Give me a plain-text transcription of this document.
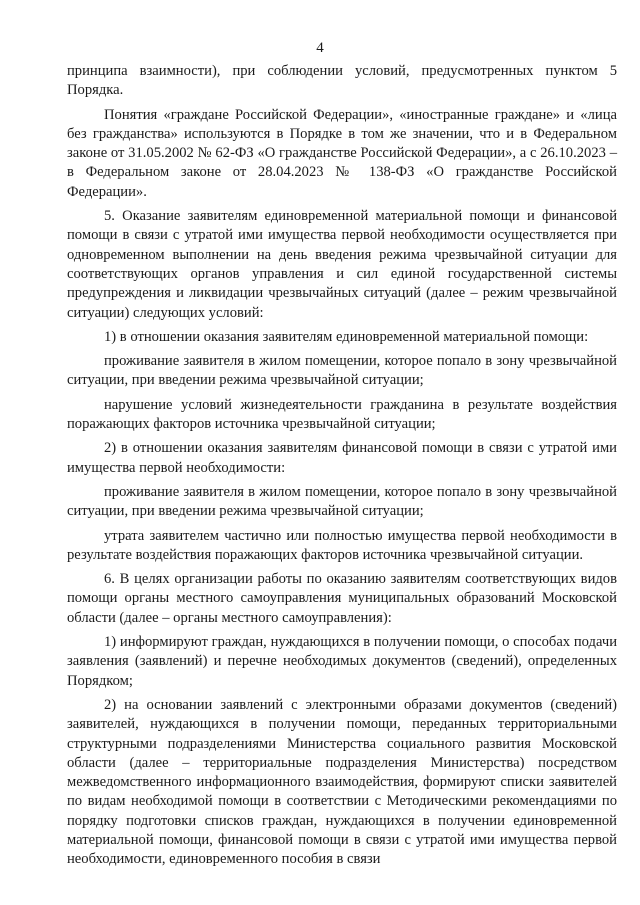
4

принципа взаимности), при соблюдении условий, предусмотренных пунктом 5 Порядка.

Понятия «граждане Российской Федерации», «иностранные граждане» и «лица без гражданства» используются в Порядке в том же значении, что и в Федеральном законе от 31.05.2002 № 62-ФЗ «О гражданстве Российской Федерации», а с 26.10.2023 – в Федеральном законе от 28.04.2023 № 138-ФЗ «О гражданстве Российской Федерации».

5. Оказание заявителям единовременной материальной помощи и финансовой помощи в связи с утратой ими имущества первой необходимости осуществляется при одновременном выполнении на день введения режима чрезвычайной ситуации для соответствующих органов управления и сил единой государственной системы предупреждения и ликвидации чрезвычайных ситуаций (далее – режим чрезвычайной ситуации) следующих условий:

1) в отношении оказания заявителям единовременной материальной помощи:

проживание заявителя в жилом помещении, которое попало в зону чрезвычайной ситуации, при введении режима чрезвычайной ситуации;

нарушение условий жизнедеятельности гражданина в результате воздействия поражающих факторов источника чрезвычайной ситуации;

2) в отношении оказания заявителям финансовой помощи в связи с утратой ими имущества первой необходимости:

проживание заявителя в жилом помещении, которое попало в зону чрезвычайной ситуации, при введении режима чрезвычайной ситуации;

утрата заявителем частично или полностью имущества первой необходимости в результате воздействия поражающих факторов источника чрезвычайной ситуации.

6. В целях организации работы по оказанию заявителям соответствующих видов помощи органы местного самоуправления муниципальных образований Московской области (далее – органы местного самоуправления):

1) информируют граждан, нуждающихся в получении помощи, о способах подачи заявления (заявлений) и перечне необходимых документов (сведений), определенных Порядком;

2) на основании заявлений с электронными образами документов (сведений) заявителей, нуждающихся в получении помощи, переданных территориальными структурными подразделениями Министерства социального развития Московской области (далее – территориальные подразделения Министерства) посредством межведомственного информационного взаимодействия, формируют списки заявителей по видам необходимой помощи в соответствии с Методическими рекомендациями по порядку подготовки списков граждан, нуждающихся в получении единовременной материальной помощи, финансовой помощи в связи с утратой ими имущества первой необходимости, единовременного пособия в связи
